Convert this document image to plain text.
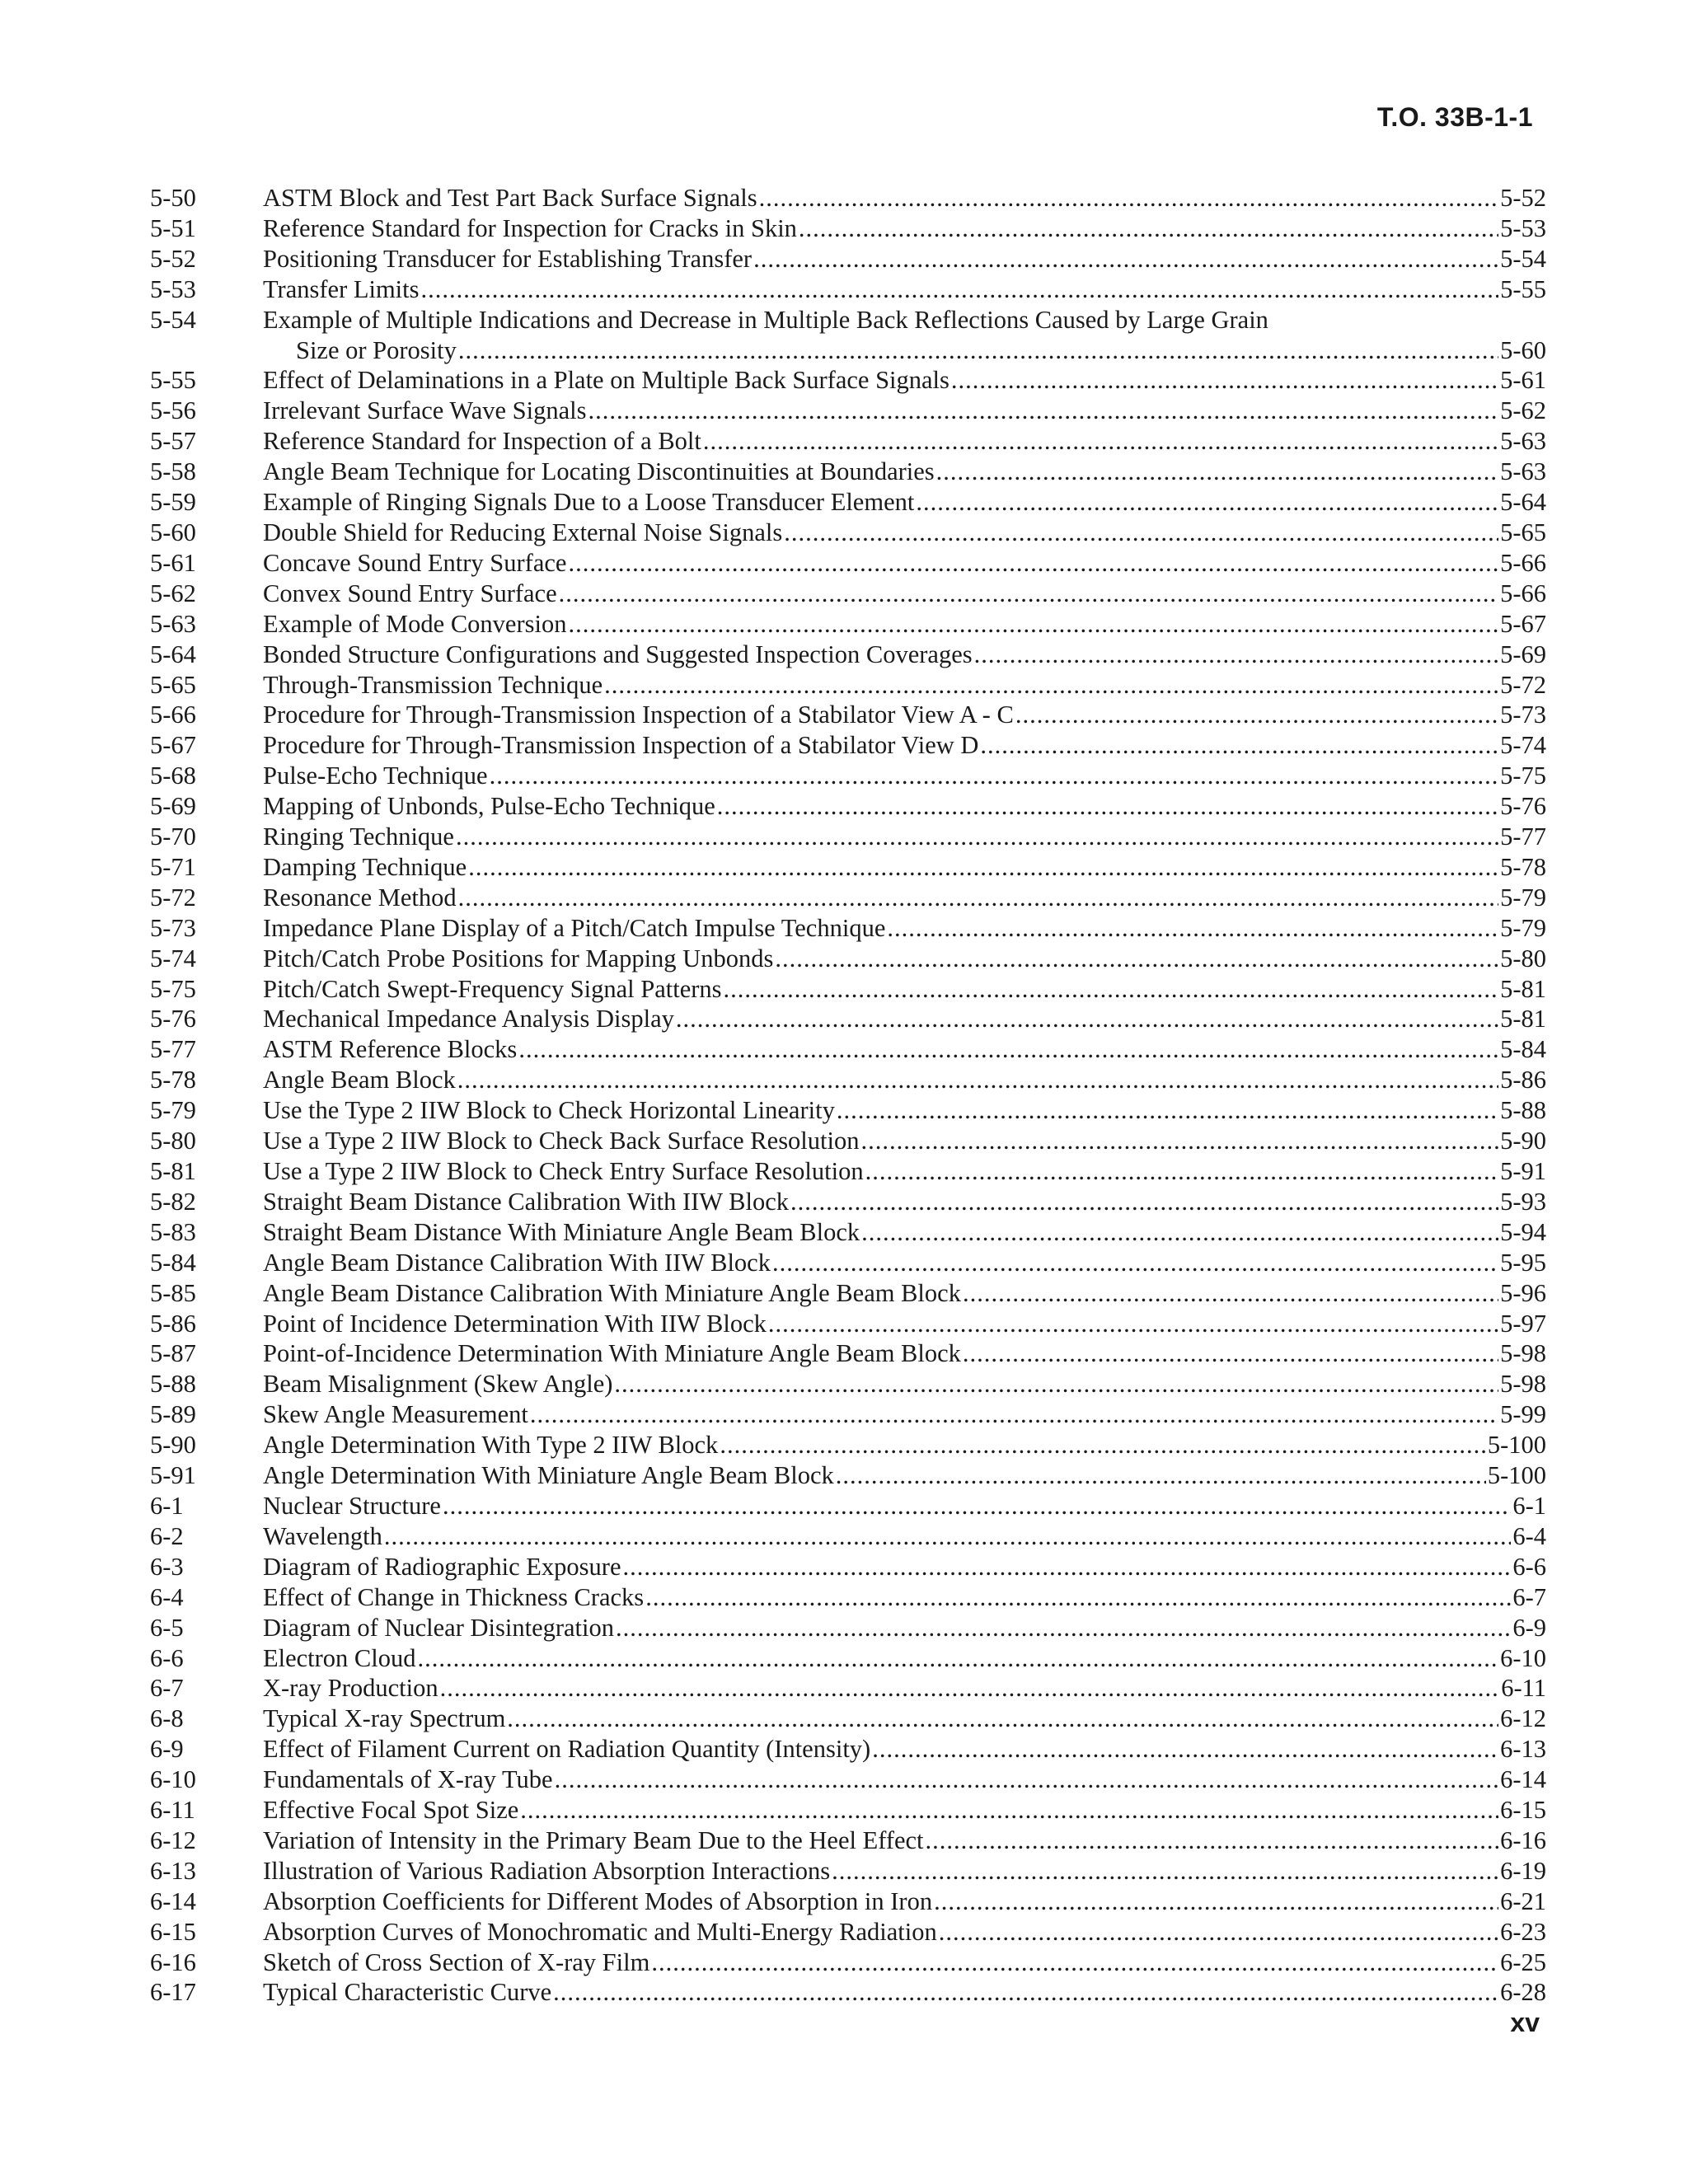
T.O. 33B-1-1
5-50	ASTM Block and Test Part Back Surface Signals .....	5-52
5-51	Reference Standard for Inspection for Cracks in Skin .....	5-53
5-52	Positioning Transducer for Establishing Transfer .....	5-54
5-53	Transfer Limits .....	5-55
5-54	Example of Multiple Indications and Decrease in Multiple Back Reflections Caused by Large Grain
Size or Porosity .....	5-60
5-55	Effect of Delaminations in a Plate on Multiple Back Surface Signals .....	5-61
5-56	Irrelevant Surface Wave Signals .....	5-62
5-57	Reference Standard for Inspection of a Bolt .....	5-63
5-58	Angle Beam Technique for Locating Discontinuities at Boundaries .....	5-63
5-59	Example of Ringing Signals Due to a Loose Transducer Element .....	5-64
5-60	Double Shield for Reducing External Noise Signals .....	5-65
5-61	Concave Sound Entry Surface .....	5-66
5-62	Convex Sound Entry Surface .....	5-66
5-63	Example of Mode Conversion .....	5-67
5-64	Bonded Structure Configurations and Suggested Inspection Coverages .....	5-69
5-65	Through-Transmission Technique .....	5-72
5-66	Procedure for Through-Transmission Inspection of a Stabilator View A - C .....	5-73
5-67	Procedure for Through-Transmission Inspection of a Stabilator View D .....	5-74
5-68	Pulse-Echo Technique .....	5-75
5-69	Mapping of Unbonds, Pulse-Echo Technique .....	5-76
5-70	Ringing Technique .....	5-77
5-71	Damping Technique .....	5-78
5-72	Resonance Method .....	5-79
5-73	Impedance Plane Display of a Pitch/Catch Impulse Technique .....	5-79
5-74	Pitch/Catch Probe Positions for Mapping Unbonds .....	5-80
5-75	Pitch/Catch Swept-Frequency Signal Patterns .....	5-81
5-76	Mechanical Impedance Analysis Display .....	5-81
5-77	ASTM Reference Blocks .....	5-84
5-78	Angle Beam Block .....	5-86
5-79	Use the Type 2 IIW Block to Check Horizontal Linearity .....	5-88
5-80	Use a Type 2 IIW Block to Check Back Surface Resolution .....	5-90
5-81	Use a Type 2 IIW Block to Check Entry Surface Resolution .....	5-91
5-82	Straight Beam Distance Calibration With IIW Block .....	5-93
5-83	Straight Beam Distance With Miniature Angle Beam Block .....	5-94
5-84	Angle Beam Distance Calibration With IIW Block .....	5-95
5-85	Angle Beam Distance Calibration With Miniature Angle Beam Block .....	5-96
5-86	Point of Incidence Determination With IIW Block .....	5-97
5-87	Point-of-Incidence Determination With Miniature Angle Beam Block .....	5-98
5-88	Beam Misalignment (Skew Angle) .....	5-98
5-89	Skew Angle Measurement .....	5-99
5-90	Angle Determination With Type 2 IIW Block .....	5-100
5-91	Angle Determination With Miniature Angle Beam Block .....	5-100
6-1	Nuclear Structure .....	6-1
6-2	Wavelength .....	6-4
6-3	Diagram of Radiographic Exposure .....	6-6
6-4	Effect of Change in Thickness Cracks .....	6-7
6-5	Diagram of Nuclear Disintegration .....	6-9
6-6	Electron Cloud .....	6-10
6-7	X-ray Production .....	6-11
6-8	Typical X-ray Spectrum .....	6-12
6-9	Effect of Filament Current on Radiation Quantity (Intensity) .....	6-13
6-10	Fundamentals of X-ray Tube .....	6-14
6-11	Effective Focal Spot Size .....	6-15
6-12	Variation of Intensity in the Primary Beam Due to the Heel Effect .....	6-16
6-13	Illustration of Various Radiation Absorption Interactions .....	6-19
6-14	Absorption Coefficients for Different Modes of Absorption in Iron .....	6-21
6-15	Absorption Curves of Monochromatic and Multi-Energy Radiation .....	6-23
6-16	Sketch of Cross Section of X-ray Film .....	6-25
6-17	Typical Characteristic Curve .....	6-28
xv
